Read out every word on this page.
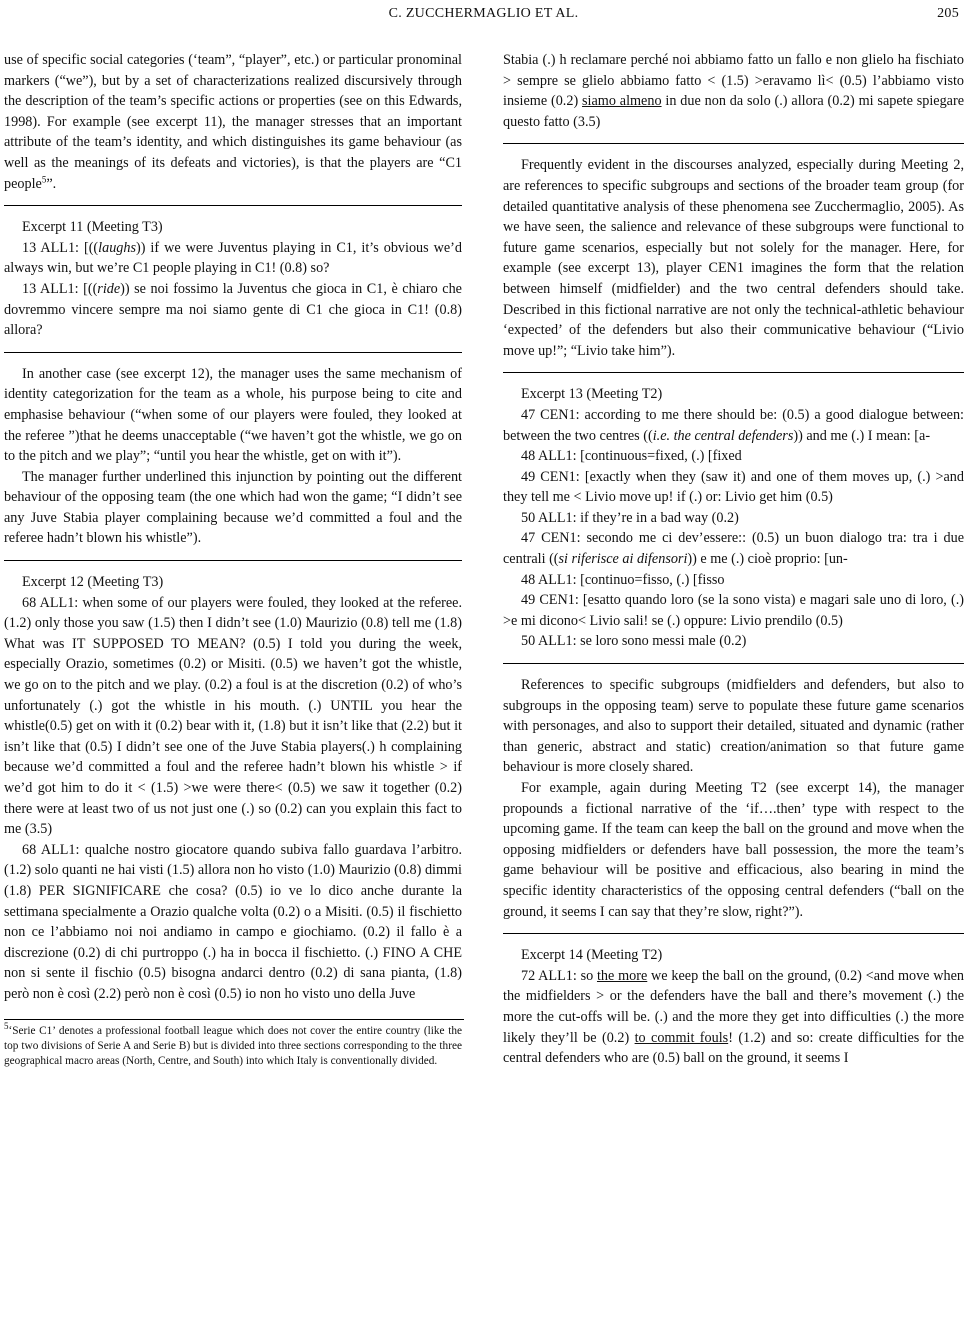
C. ZUCCHERMAGLIO ET AL.	205

use of specific social categories (‘team”, “player”, etc.) or particular pronominal markers (“we”), but by a set of characterizations realized discursively through the description of the team’s specific actions or properties (see on this Edwards, 1998). For example (see excerpt 11), the manager stresses that an important attribute of the team’s identity, and which distinguishes its game behaviour (as well as the meanings of its defeats and victories), is that the players are “C1 people$^5$”.

Excerpt 11 (Meeting T3)

13 ALL1: [((laughs)) if we were Juventus playing in C1, it’s obvious we’d always win, but we’re C1 people playing in C1! (0.8) so?

13 ALL1: [((ride)) se noi fossimo la Juventus che gioca in C1, è chiaro che dovremmo vincere sempre ma noi siamo gente di C1 che gioca in C1! (0.8) allora?

In another case (see excerpt 12), the manager uses the same mechanism of identity categorization for the team as a whole, his purpose being to cite and emphasise behaviour (“when some of our players were fouled, they looked at the referee ”)that he deems unacceptable (“we haven’t got the whistle, we go on to the pitch and we play”; “until you hear the whistle, get on with it”).

The manager further underlined this injunction by pointing out the different behaviour of the opposing team (the one which had won the game; “I didn’t see any Juve Stabia player complaining because we’d committed a foul and the referee hadn’t blown his whistle”).

Excerpt 12 (Meeting T3)

68 ALL1: when some of our players were fouled, they looked at the referee. (1.2) only those you saw (1.5) then I didn’t see (1.0) Maurizio (0.8) tell me (1.8) What was IT SUPPOSED TO MEAN? (0.5) I told you during the week, especially Orazio, sometimes (0.2) or Misiti. (0.5) we haven’t got the whistle, we go on to the pitch and we play. (0.2) a foul is at the discretion (0.2) of who’s unfortunately (.) got the whistle in his mouth. (.) UNTIL you hear the whistle(0.5) get on with it (0.2) bear with it, (1.8) but it isn’t like that (2.2) but it isn’t like that (0.5) I didn’t see one of the Juve Stabia players(.) h complaining because we’d committed a foul and the referee hadn’t blown his whistle > if we’d got him to do it < (1.5) >we were there< (0.5) we saw it together (0.2) there were at least two of us not just one (.) so (0.2) can you explain this fact to me (3.5)

68 ALL1: qualche nostro giocatore quando subiva fallo guardava l’arbitro. (1.2) solo quanti ne hai visti (1.5) allora non ho visto (1.0) Maurizio (0.8) dimmi (1.8) PER SIGNIFICARE che cosa? (0.5) io ve lo dico anche durante la settimana specialmente a Orazio qualche volta (0.2) o a Misiti. (0.5) il fischietto non ce l’abbiamo noi noi andiamo in campo e giochiamo. (0.2) il fallo è a discrezione (0.2) di chi purtroppo (.) ha in bocca il fischietto. (.) FINO A CHE non si sente il fischio (0.5) bisogna andarci dentro (0.2) di sana pianta, (1.8) però non è così (2.2) però non è così (0.5) io non ho visto uno della Juve

$^5$‘Serie C1’ denotes a professional football league which does not cover the entire country (like the top two divisions of Serie A and Serie B) but is divided into three sections corresponding to the three geographical macro areas (North, Centre, and South) into which Italy is conventionally divided.

Stabia (.) h reclamare perché noi abbiamo fatto un fallo e non glielo ha fischiato > sempre se glielo abbiamo fatto < (1.5) >eravamo lì< (0.5) l’abbiamo visto insieme (0.2) siamo almeno in due non da solo (.) allora (0.2) mi sapete spiegare questo fatto (3.5)

Frequently evident in the discourses analyzed, especially during Meeting 2, are references to specific subgroups and sections of the broader team group (for detailed quantitative analysis of these phenomena see Zucchermaglio, 2005). As we have seen, the salience and relevance of these subgroups were functional to future game scenarios, especially but not solely for the manager. Here, for example (see excerpt 13), player CEN1 imagines the form that the relation between himself (midfielder) and the two central defenders should take. Described in this fictional narrative are not only the technical-athletic behaviour ‘expected’ of the defenders but also their communicative behaviour (“Livio move up!”; “Livio take him”).

Excerpt 13 (Meeting T2)

47 CEN1: according to me there should be: (0.5) a good dialogue between: between the two centres ((i.e. the central defenders)) and me (.) I mean: [a-

48 ALL1: [continuous=fixed, (.) [fixed

49 CEN1: [exactly when they (saw it) and one of them moves up, (.) >and they tell me < Livio move up! if (.) or: Livio get him (0.5)

50 ALL1: if they’re in a bad way (0.2)

47 CEN1: secondo me ci dev’essere:: (0.5) un buon dialogo tra: tra i due centrali ((si riferisce ai difensori)) e me (.) cioè proprio: [un-

48 ALL1: [continuo=fisso, (.) [fisso

49 CEN1: [esatto quando loro (se la sono vista) e magari sale uno di loro, (.) >e mi dicono< Livio sali! se (.) oppure: Livio prendilo (0.5)

50 ALL1: se loro sono messi male (0.2)

References to specific subgroups (midfielders and defenders, but also to subgroups in the opposing team) serve to populate these future game scenarios with personages, and also to support their detailed, situated and dynamic (rather than generic, abstract and static) creation/animation so that future game behaviour is more closely shared.

For example, again during Meeting T2 (see excerpt 14), the manager propounds a fictional narrative of the ‘if….then’ type with respect to the upcoming game. If the team can keep the ball on the ground and move when the opposing midfielders or defenders have ball possession, the more the team’s game behaviour will be positive and efficacious, also bearing in mind the specific identity characteristics of the opposing central defenders (“ball on the ground, it seems I can say that they’re slow, right?”).

Excerpt 14 (Meeting T2)

72 ALL1: so the more we keep the ball on the ground, (0.2) <and move when the midfielders > or the defenders have the ball and there’s movement (.) the more the cut-offs will be. (.) and the more they get into difficulties (.) the more likely they’ll be (0.2) to commit fouls! (1.2) and so: create difficulties for the central defenders who are (0.5) ball on the ground, it seems I
